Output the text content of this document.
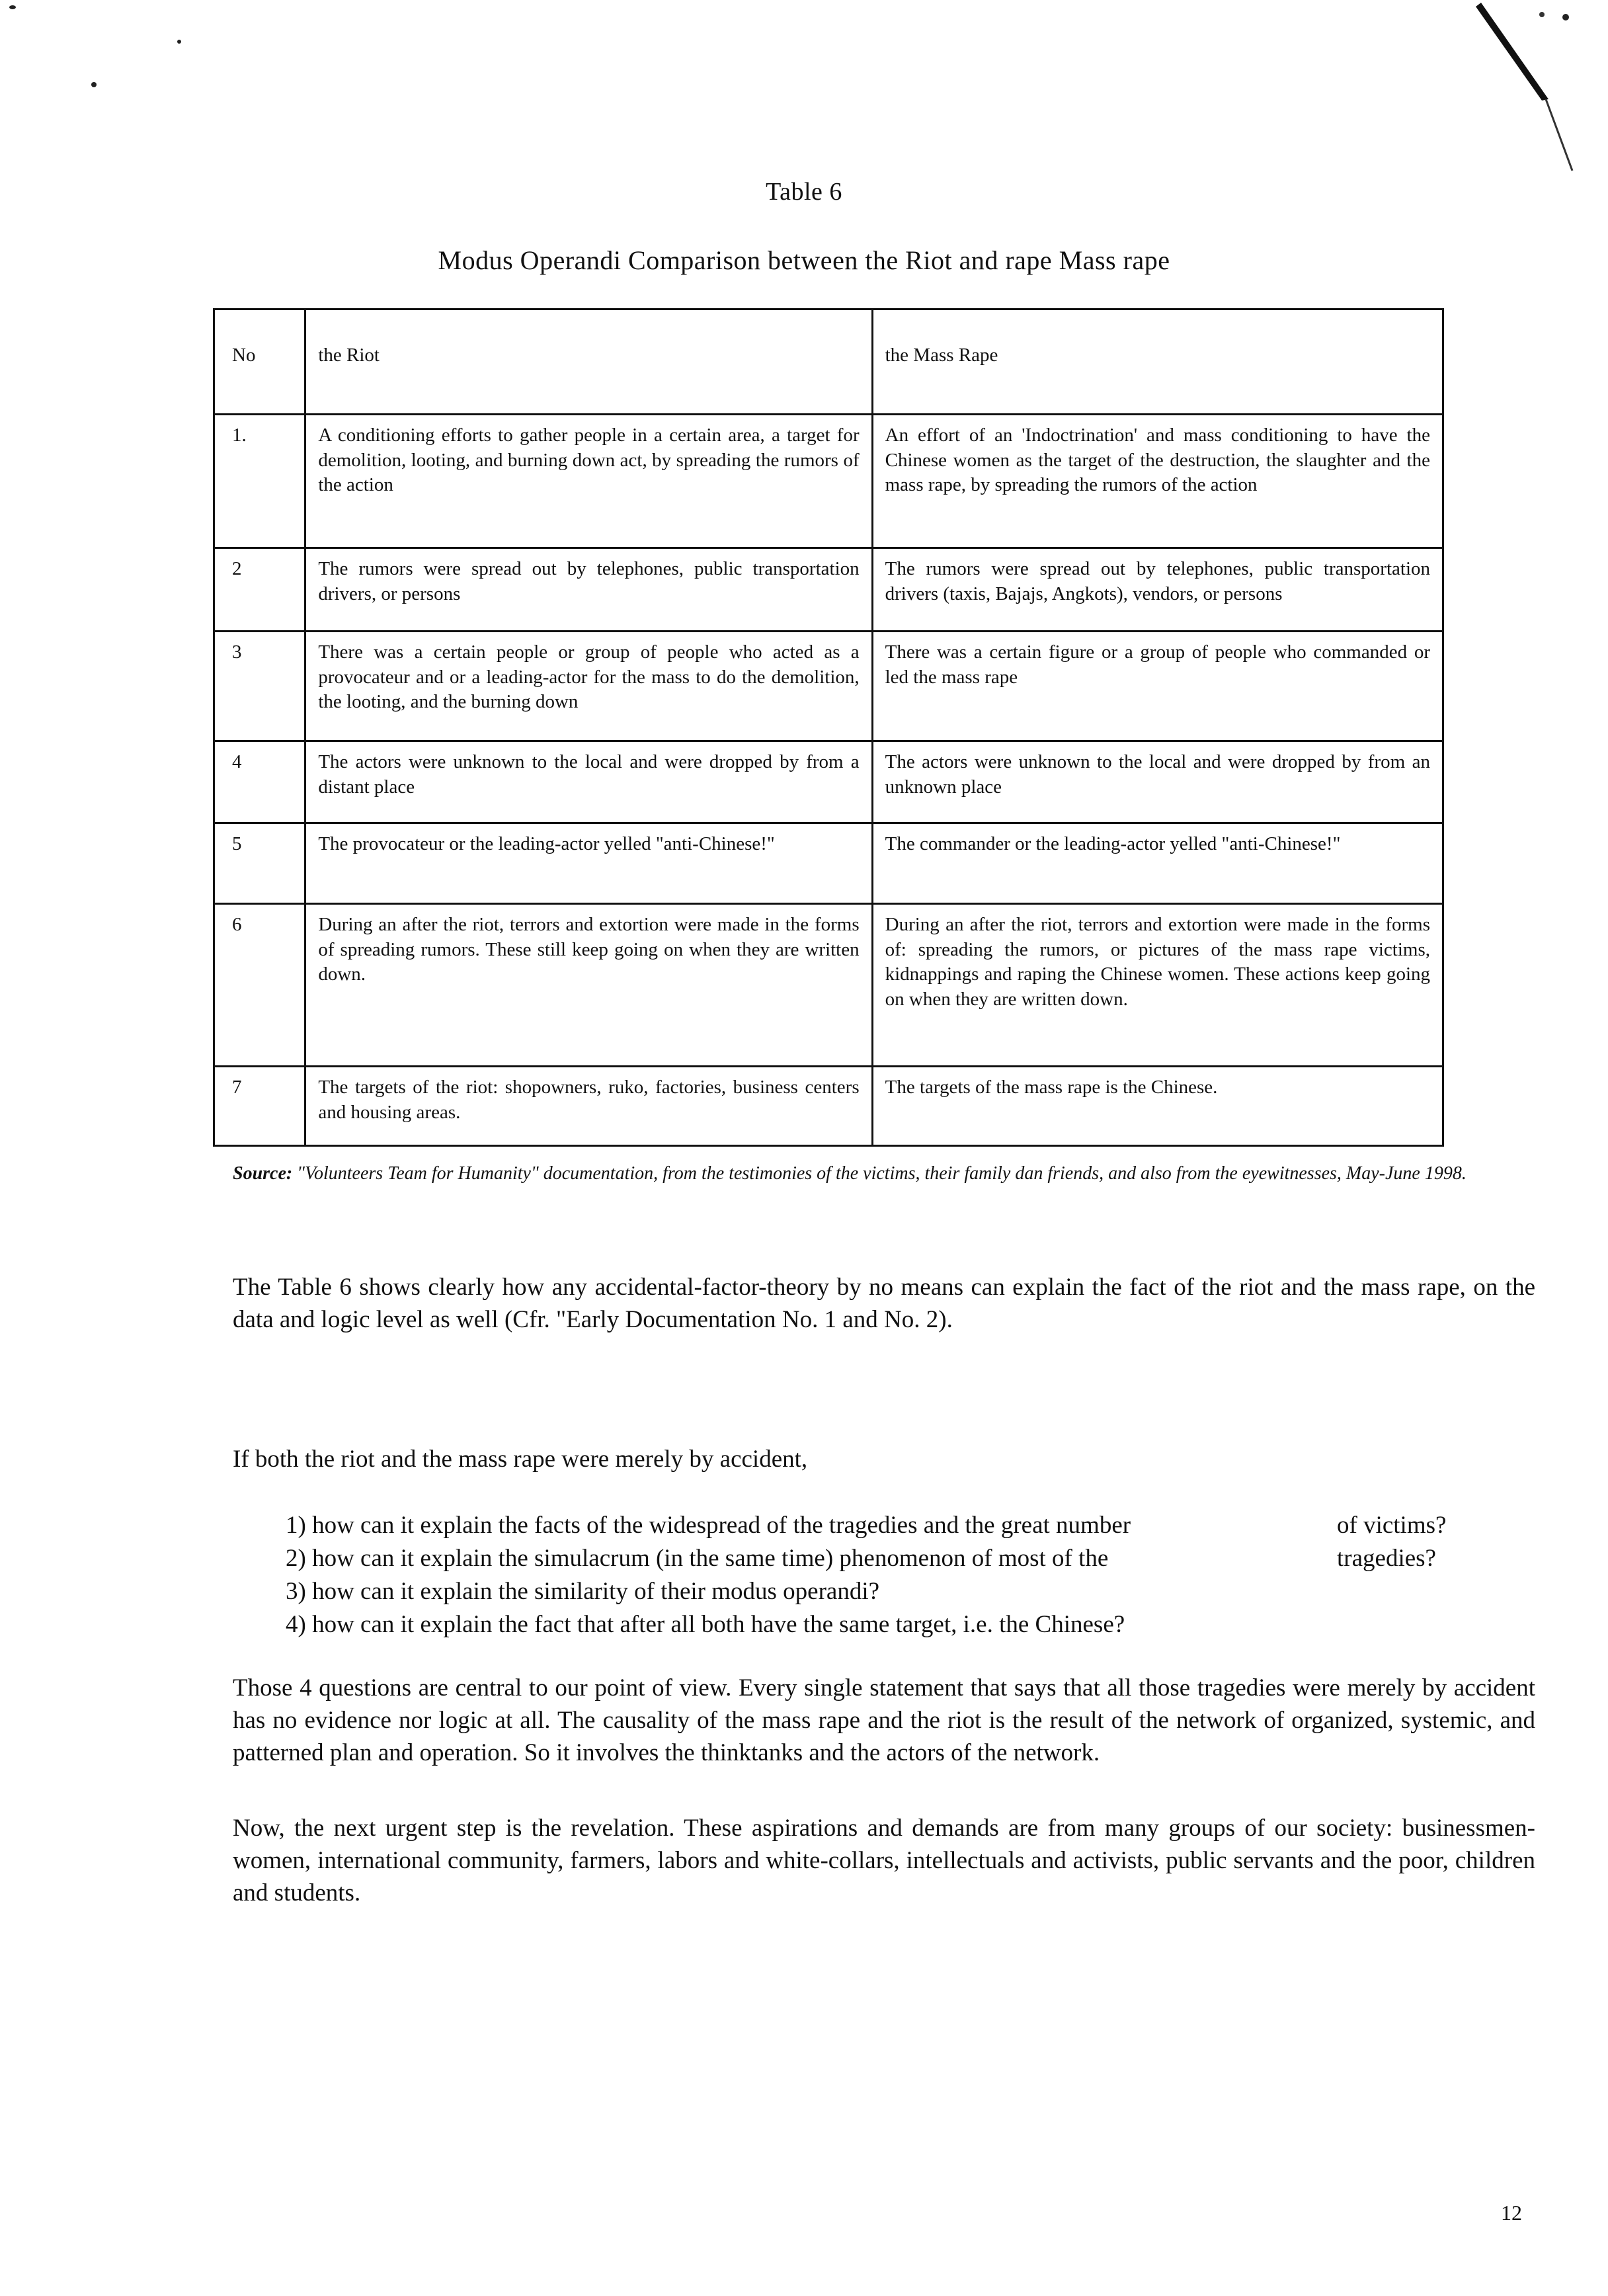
Table 6
Modus Operandi Comparison between the Riot and rape Mass rape
No	the Riot	the Mass Rape
1.	A conditioning efforts to gather people in a certain area, a target for demolition, looting, and burning down act, by spreading the rumors of the action	An effort of an 'Indoctrination' and mass conditioning to have the Chinese women as the target of the destruction, the slaughter and the mass rape, by spreading the rumors of the action
2	The rumors were spread out by telephones, public transportation drivers, or persons	The rumors were spread out by telephones, public transportation drivers (taxis, Bajajs, Angkots), vendors, or persons
3	There was a certain people or group of people who acted as a provocateur and or a leading-actor for the mass to do the demolition, the looting, and the burning down	There was a certain figure or a group of people who commanded or led the mass rape
4	The actors were unknown to the local and were dropped by from a distant place	The actors were unknown to the local and were dropped by from an unknown place
5	The provocateur or the leading-actor yelled "anti-Chinese!"	The commander or the leading-actor yelled "anti-Chinese!"
6	During an after the riot, terrors and extortion were made in the forms of spreading rumors. These still keep going on when they are written down.	During an after the riot, terrors and extortion were made in the forms of: spreading the rumors, or pictures of the mass rape victims, kidnappings and raping the Chinese women. These actions keep going on when they are written down.
7	The targets of the riot: shopowners, ruko, factories, business centers and housing areas.	The targets of the mass rape is the Chinese.
Source: "Volunteers Team for Humanity" documentation, from the testimonies of the victims, their family dan friends, and also from the eyewitnesses, May-June 1998.
The Table 6 shows clearly how any accidental-factor-theory by no means can explain the fact of the riot and the mass rape, on the data and logic level as well (Cfr. "Early Documentation No. 1 and No. 2).
If both the riot and the mass rape were merely by accident,
1) how can it explain the facts of the widespread of the tragedies and the great number	of victims?
2) how can it explain the simulacrum (in the same time) phenomenon of most of the	tragedies?
3) how can it explain the similarity of their modus operandi?
4) how can it explain the fact that after all both have the same target, i.e. the Chinese?
Those 4 questions are central to our point of view. Every single statement that says that all those tragedies were merely by accident has no evidence nor logic at all. The causality of the mass rape and the riot is the result of the network of organized, systemic, and patterned plan and operation. So it involves the thinktanks and the actors of the network.
Now, the next urgent step is the revelation. These aspirations and demands are from many groups of our society: businessmen-women, international community, farmers, labors and white-collars, intellectuals and activists, public servants and the poor, children and students.
12
